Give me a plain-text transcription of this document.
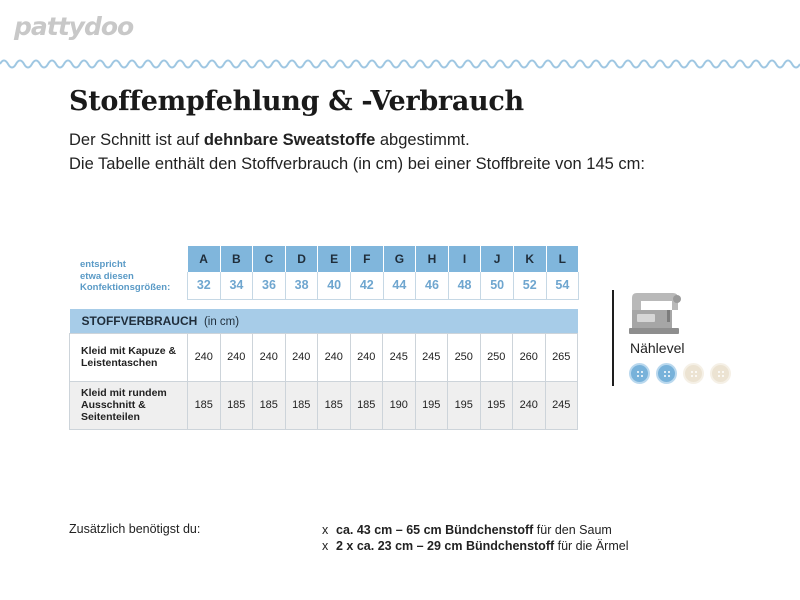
pattydoo
Stoffempfehlung & -Verbrauch

Der Schnitt ist auf dehnbare Sweatstoffe abgestimmt.

Die Tabelle enthält den Stoffverbrauch (in cm) bei einer Stoffbreite von 145 cm:

entspricht
etwa diesen
Konfektionsgrößen:
A	B	C	D	E	F	G	H	I	J	K	L
32	34	36	38	40	42	44	46	48	50	52	54
STOFFVERBRAUCH (in cm)												

Kleid mit Kapuze &
Leistentaschen	240	240	240	240	240	240	245	245	250	250	260	265

Kleid mit rundem
Ausschnitt &
Seitenteilen	185	185	185	185	185	185	190	195	195	195	240	245
Nählevel
Zusätzlich benötigst du:	x ca. 43 cm – 65 cm Bündchenstoff für den Saum
x 2 x ca. 23 cm – 29 cm Bündchenstoff für die Ärmel
